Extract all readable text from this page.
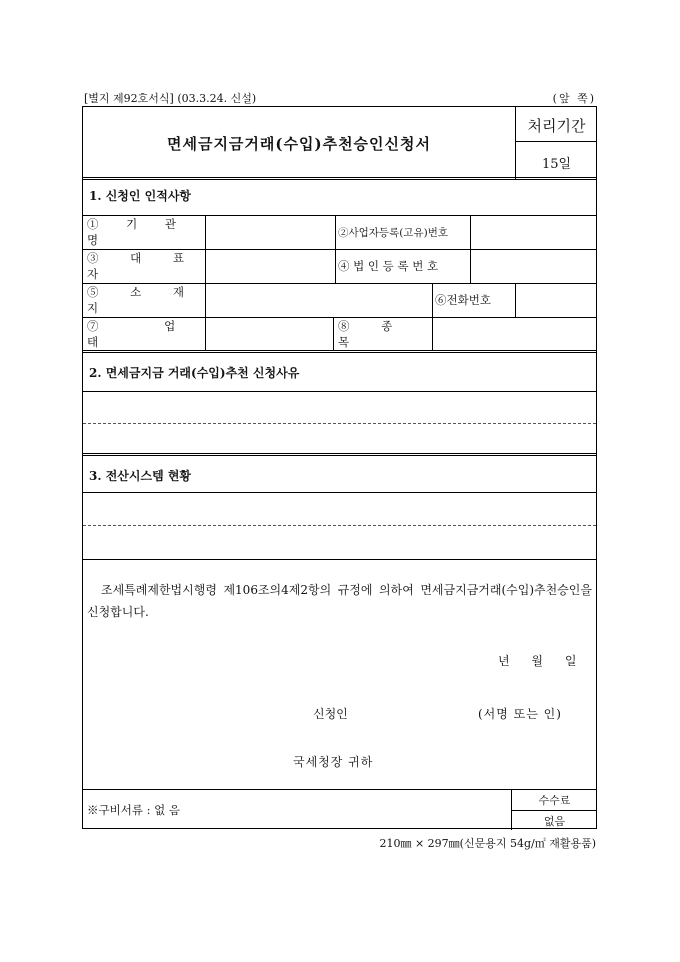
[별지 제92호서식] (03.3.24. 신설)	(앞 쪽)
면세금지금거래(수입)추천승인신청서
처리기간
15일
1. 신청인 인적사항
① 기 관 명
②사업자등록(고유)번호
③ 대 표 자
④ 법 인 등 록 번 호
⑤ 소 재 지
⑥전화번호
⑦ 업 태
⑧ 종 목
2. 면세금지금 거래(수입)추천 신청사유
3. 전산시스템 현황
조세특례제한법시행령 제106조의4제2항의 규정에 의하여 면세금지금거래(수입)추천승인을 신청합니다.
년 월 일
신청인	(서명 또는 인)
국세청장 귀하
※구비서류 : 없 음
수수료
없음
210㎜ × 297㎜(신문용지 54g/㎡ 재활용품)
